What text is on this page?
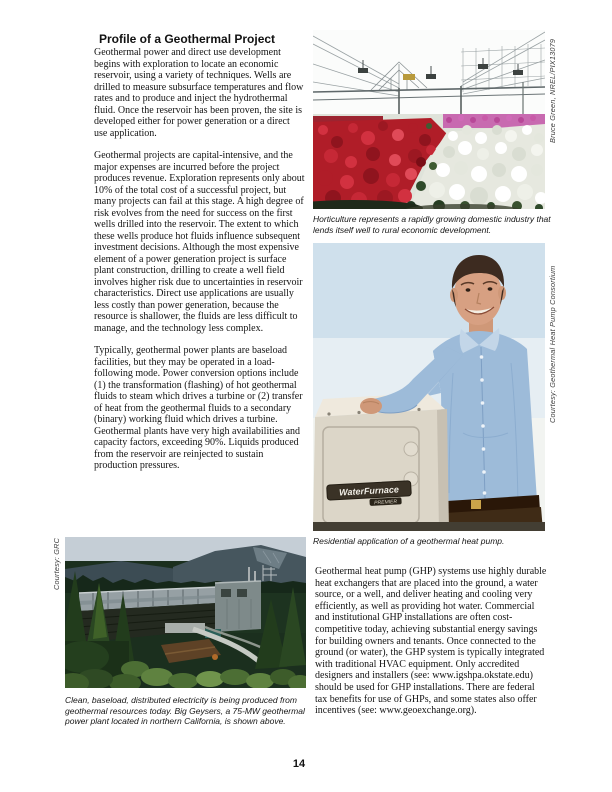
Profile of a Geothermal Project

Geothermal power and direct use development begins with exploration to locate an economic reservoir, using a variety of techniques. Wells are drilled to measure subsurface temperatures and flow rates and to produce and inject the hydrothermal fluid. Once the reservoir has been proven, the site is developed either for power generation or a direct use application.

Geothermal projects are capital-intensive, and the major expenses are incurred before the project produces revenue. Exploration represents only about 10% of the total cost of a successful project, but many projects can fail at this stage. A high degree of risk evolves from the need for success on the first wells drilled into the reservoir. The extent to which these wells produce hot fluids influence subsequent investment decisions. Although the most expensive element of a power generation project is surface plant construction, drilling to create a well field involves higher risk due to uncertainties in reservoir characteristics. Direct use applications are usually less costly than power generation, because the resource is shallower, the fluids are less difficult to manage, and the technology less complex.

Typically, geothermal power plants are baseload facilities, but they may be operated in a load-following mode. Power conversion options include (1) the transformation (flashing) of hot geothermal fluids to steam which drives a turbine or (2) transfer of heat from the geothermal fluids to a secondary (binary) working fluid which drives a turbine. Geothermal plants have very high availabilities and capacity factors, exceeding 90%. Liquids produced from the reservoir are reinjected to sustain production pressures.

Bruce Green, NREL/PIX13079
Horticulture represents a rapidly growing domestic industry that lends itself well to rural economic development.
WaterFurnace
PREMIER
Courtesy: Geothermal Heat Pump Consortium
Residential application of a geothermal heat pump.
Geothermal heat pump (GHP) systems use highly durable heat exchangers that are placed into the ground, a water source, or a well, and deliver heating and cooling very efficiently, as well as providing hot water. Commercial and institutional GHP installations are often cost-competitive today, achieving substantial energy savings for building owners and tenants. Once connected to the ground (or water), the GHP system is typically integrated with traditional HVAC equipment. Only accredited designers and installers (see: www.igshpa.okstate.edu) should be used for GHP installations. There are federal tax benefits for use of GHPs, and some states also offer incentives (see: www.geoexchange.org).
Courtesy: GRC
Clean, baseload, distributed electricity is being produced from geothermal resources today. Big Geysers, a 75-MW geothermal power plant located in northern California, is shown above.
14
